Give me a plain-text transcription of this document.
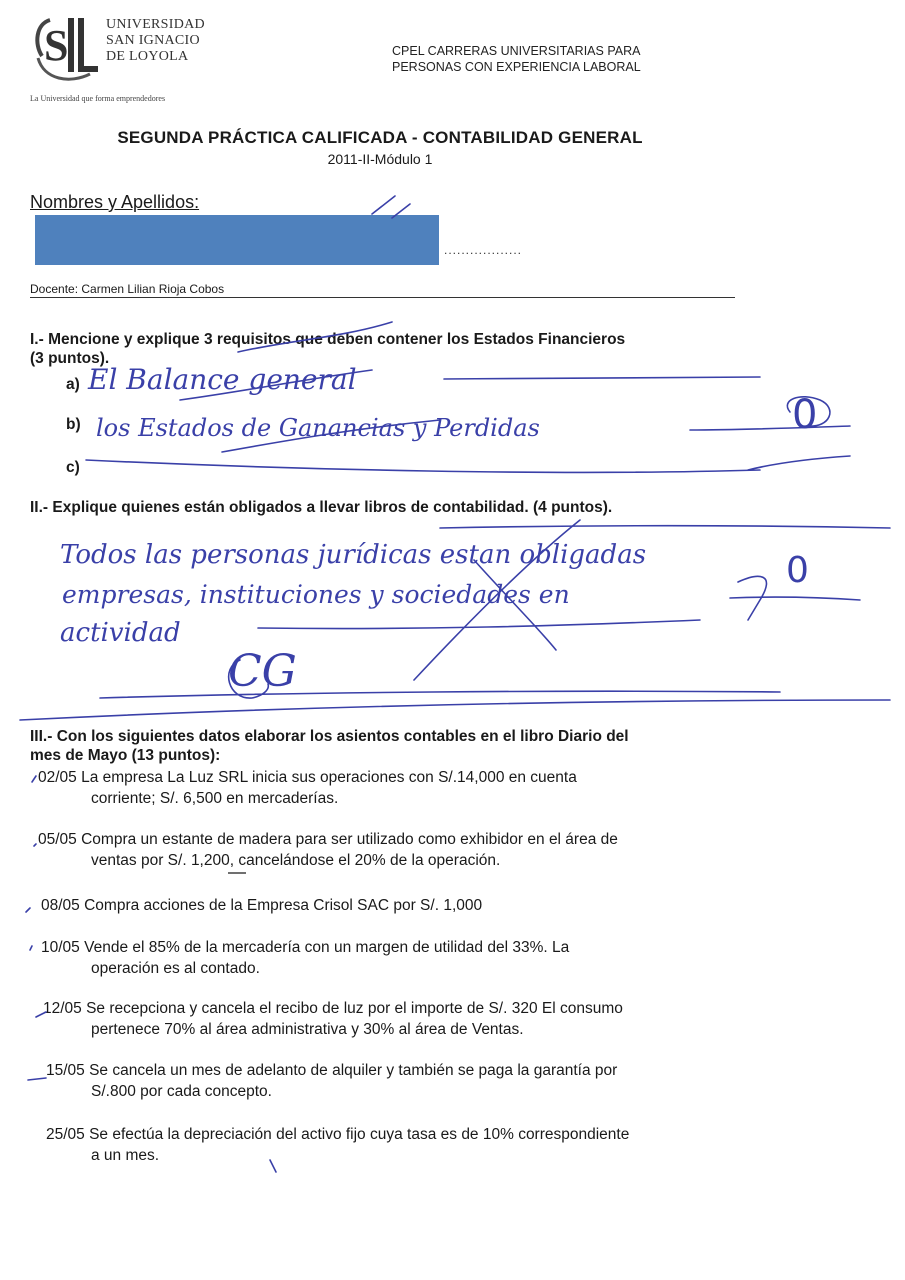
S	UNIVERSIDAD
SAN IGNACIO
DE LOYOLA
La Universidad que forma emprendedores
CPEL CARRERAS UNIVERSITARIAS PARA
PERSONAS CON EXPERIENCIA LABORAL
SEGUNDA PRÁCTICA CALIFICADA - CONTABILIDAD GENERAL
2011-II-Módulo 1
Nombres y Apellidos:
..................
Docente: Carmen Lilian Rioja Cobos
I.- Mencione y explique 3 requisitos que deben contener los Estados Financieros
(3 puntos).
a)
b)
c)
El Balance general
los Estados de Ganancias y Perdidas	0
II.- Explique quienes están obligados a llevar libros de contabilidad. (4 puntos).
Todos las personas jurídicas estan obligadas
empresas, instituciones y sociedades en
actividad
0
CG
III.- Con los siguientes datos elaborar los asientos contables en el libro Diario del
mes de Mayo (13 puntos):
02/05 La empresa La Luz SRL inicia sus operaciones con S/.14,000 en cuenta
corriente; S/. 6,500 en mercaderías.
05/05 Compra un estante de madera para ser utilizado como exhibidor en el área de
ventas por S/. 1,200, cancelándose el 20% de la operación.
08/05 Compra acciones de la Empresa Crisol SAC por S/. 1,000
10/05 Vende el 85% de la mercadería con un margen de utilidad del 33%. La
operación es al contado.
12/05 Se recepciona y cancela el recibo de luz por el importe de S/. 320 El consumo
pertenece 70% al área administrativa y 30% al área de Ventas.
15/05 Se cancela un mes de adelanto de alquiler y también se paga la garantía por
S/.800 por cada concepto.
25/05 Se efectúa la depreciación del activo fijo cuya tasa es de 10% correspondiente
a un mes.
